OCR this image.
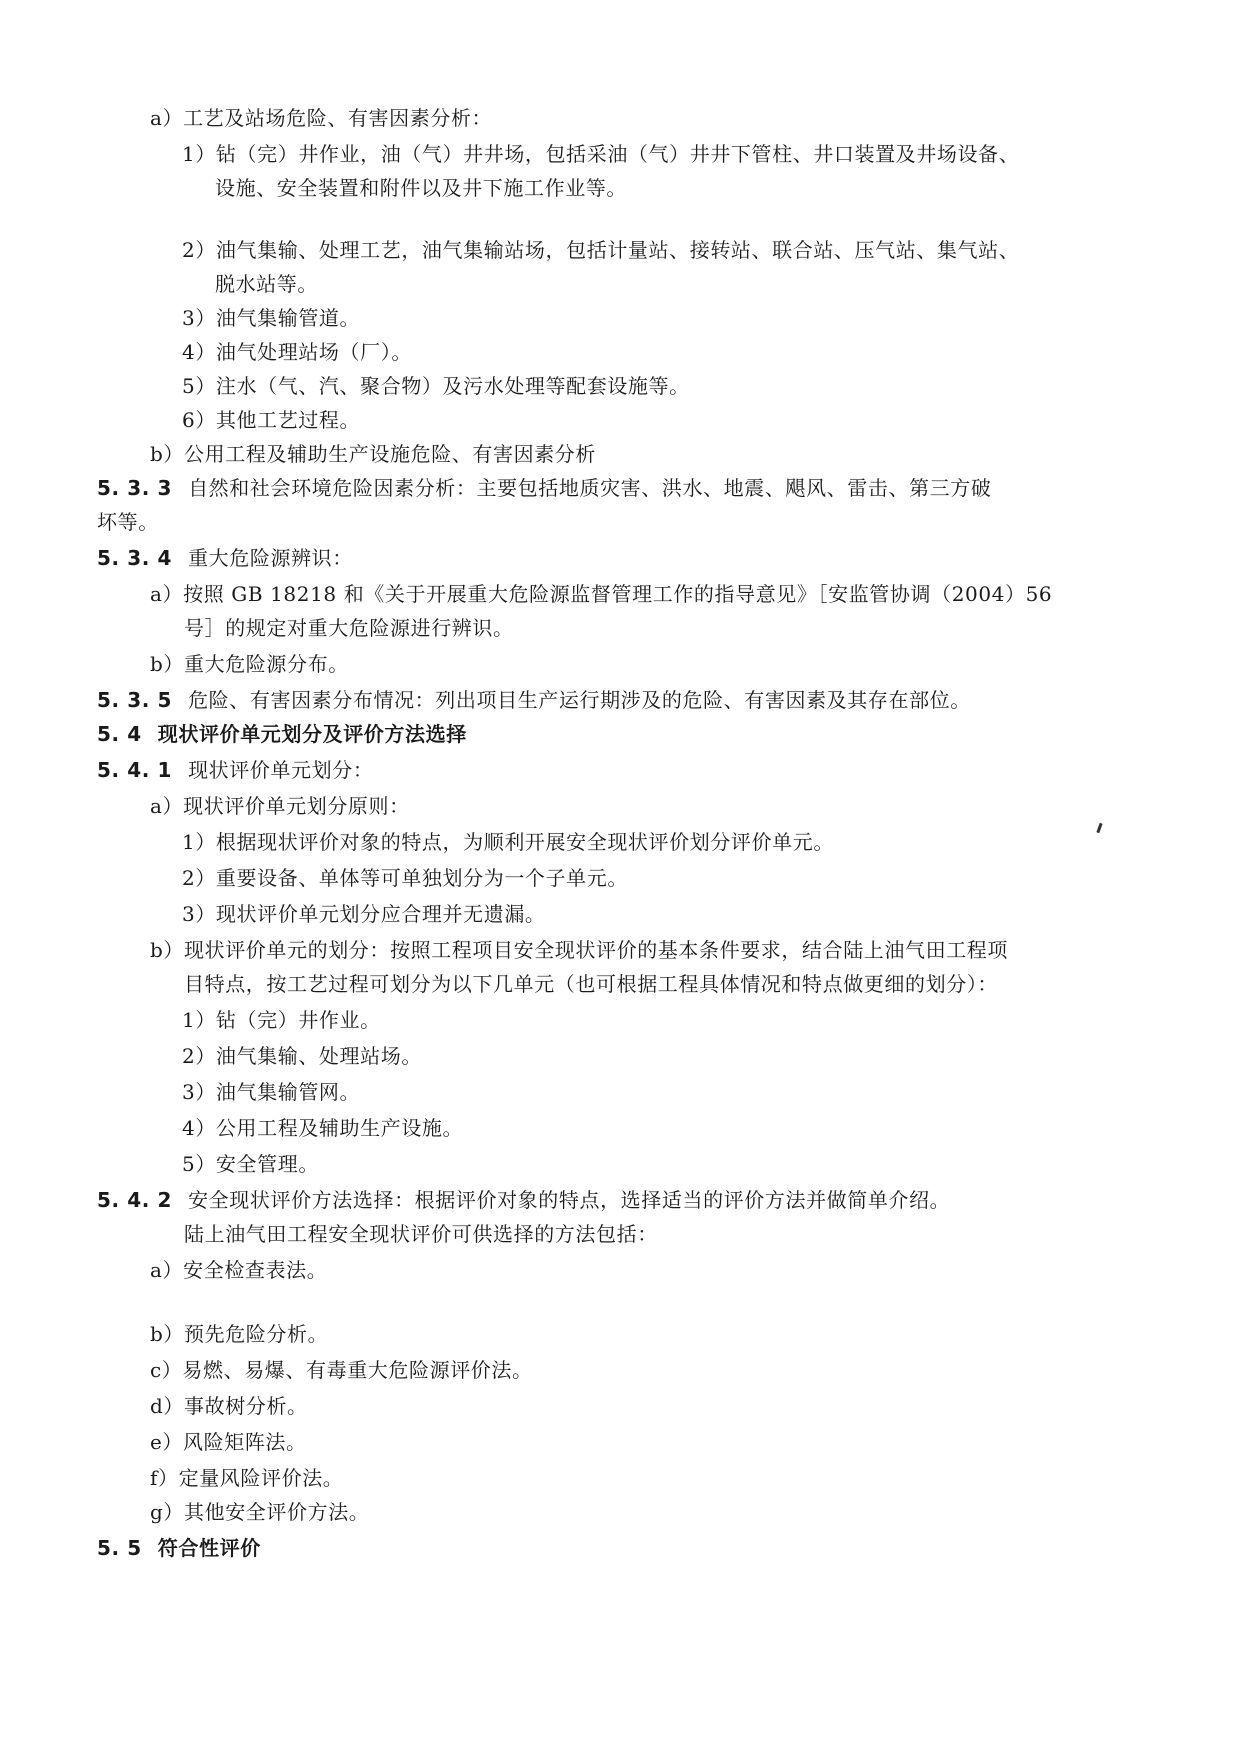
a）工艺及站场危险、有害因素分析：
1）钻（完）井作业，油（气）井井场，包括采油（气）井井下管柱、井口装置及井场设备、
设施、安全装置和附件以及井下施工作业等。
2）油气集输、处理工艺，油气集输站场，包括计量站、接转站、联合站、压气站、集气站、
脱水站等。
3）油气集输管道。
4）油气处理站场（厂）。
5）注水（气、汽、聚合物）及污水处理等配套设施等。
6）其他工艺过程。
b）公用工程及辅助生产设施危险、有害因素分析
5. 3. 3 自然和社会环境危险因素分析：主要包括地质灾害、洪水、地震、飓风、雷击、第三方破
坏等。
5. 3. 4 重大危险源辨识：
a）按照 GB 18218 和《关于开展重大危险源监督管理工作的指导意见》［安监管协调（2004）56
号］的规定对重大危险源进行辨识。
b）重大危险源分布。
5. 3. 5 危险、有害因素分布情况：列出项目生产运行期涉及的危险、有害因素及其存在部位。
5. 4 现状评价单元划分及评价方法选择
5. 4. 1 现状评价单元划分：
a）现状评价单元划分原则：
1）根据现状评价对象的特点，为顺利开展安全现状评价划分评价单元。
2）重要设备、单体等可单独划分为一个子单元。
3）现状评价单元划分应合理并无遗漏。
b）现状评价单元的划分：按照工程项目安全现状评价的基本条件要求，结合陆上油气田工程项
目特点，按工艺过程可划分为以下几单元（也可根据工程具体情况和特点做更细的划分）：
1）钻（完）井作业。
2）油气集输、处理站场。
3）油气集输管网。
4）公用工程及辅助生产设施。
5）安全管理。
5. 4. 2 安全现状评价方法选择：根据评价对象的特点，选择适当的评价方法并做简单介绍。
陆上油气田工程安全现状评价可供选择的方法包括：
a）安全检查表法。
b）预先危险分析。
c）易燃、易爆、有毒重大危险源评价法。
d）事故树分析。
e）风险矩阵法。
f）定量风险评价法。
g）其他安全评价方法。
5. 5 符合性评价
